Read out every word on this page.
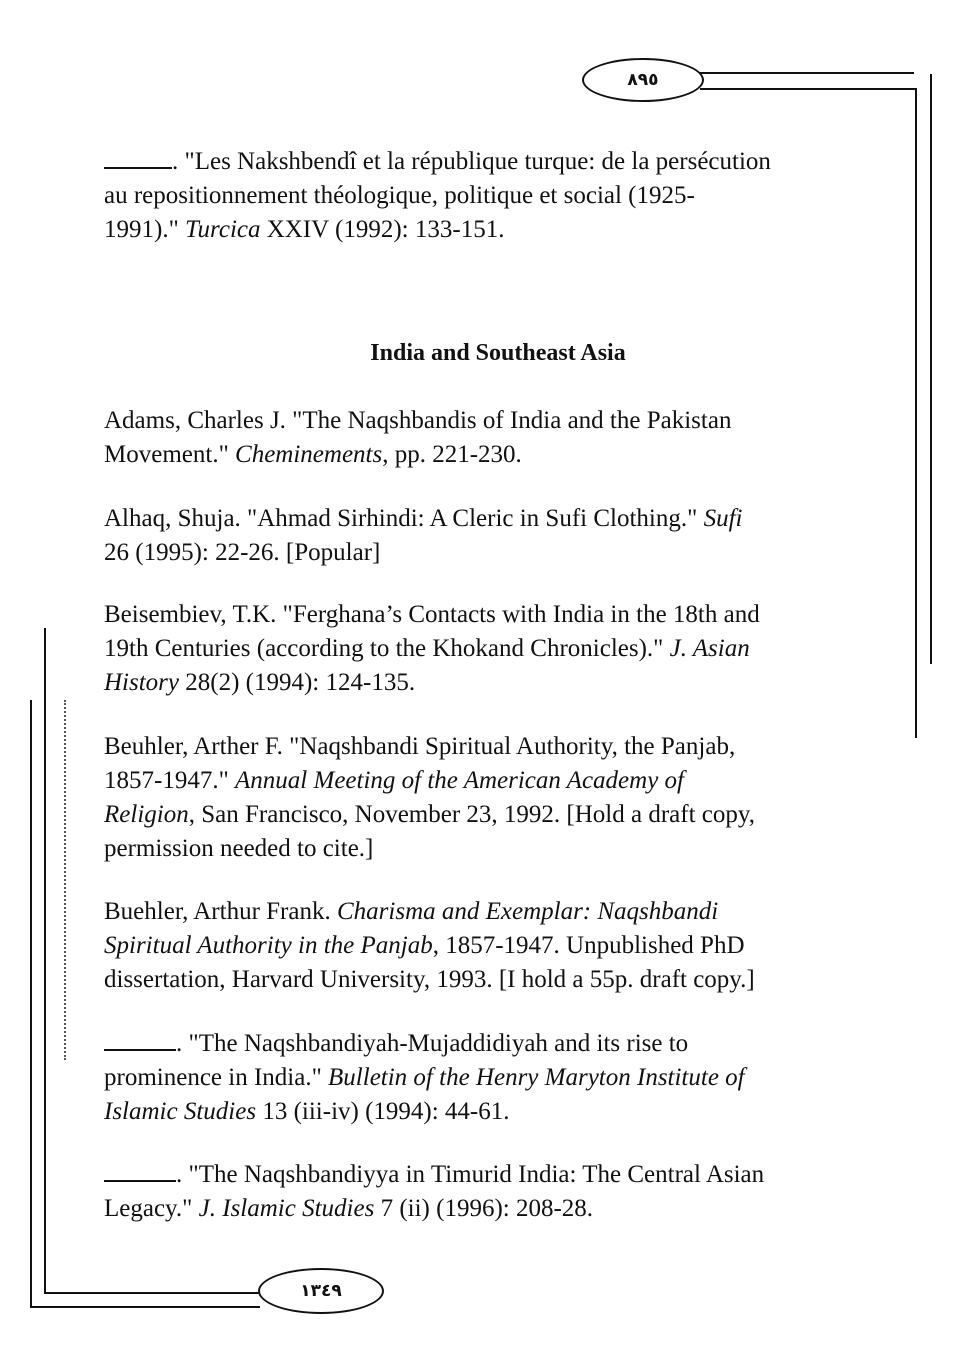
٨٩٥
١٣٤٩
. "Les Nakshbendî et la république turque: de la persécution
au repositionnement théologique, politique et social (1925-
1991)." Turcica XXIV (1992): 133-151.
India and Southeast Asia
Adams, Charles J. "The Naqshbandis of India and the Pakistan
Movement." Cheminements, pp. 221-230.
Alhaq, Shuja. "Ahmad Sirhindi: A Cleric in Sufi Clothing." Sufi
26 (1995): 22-26. [Popular]
Beisembiev, T.K. "Ferghana’s Contacts with India in the 18th and
19th Centuries (according to the Khokand Chronicles)." J. Asian
History 28(2) (1994): 124-135.
Beuhler, Arther F. "Naqshbandi Spiritual Authority, the Panjab,
1857-1947." Annual Meeting of the American Academy of
Religion, San Francisco, November 23, 1992. [Hold a draft copy,
permission needed to cite.]
Buehler, Arthur Frank. Charisma and Exemplar: Naqshbandi
Spiritual Authority in the Panjab, 1857-1947. Unpublished PhD
dissertation, Harvard University, 1993. [I hold a 55p. draft copy.]
. "The Naqshbandiyah-Mujaddidiyah and its rise to
prominence in India." Bulletin of the Henry Maryton Institute of
Islamic Studies 13 (iii-iv) (1994): 44-61.
. "The Naqshbandiyya in Timurid India: The Central Asian
Legacy." J. Islamic Studies 7 (ii) (1996): 208-28.
